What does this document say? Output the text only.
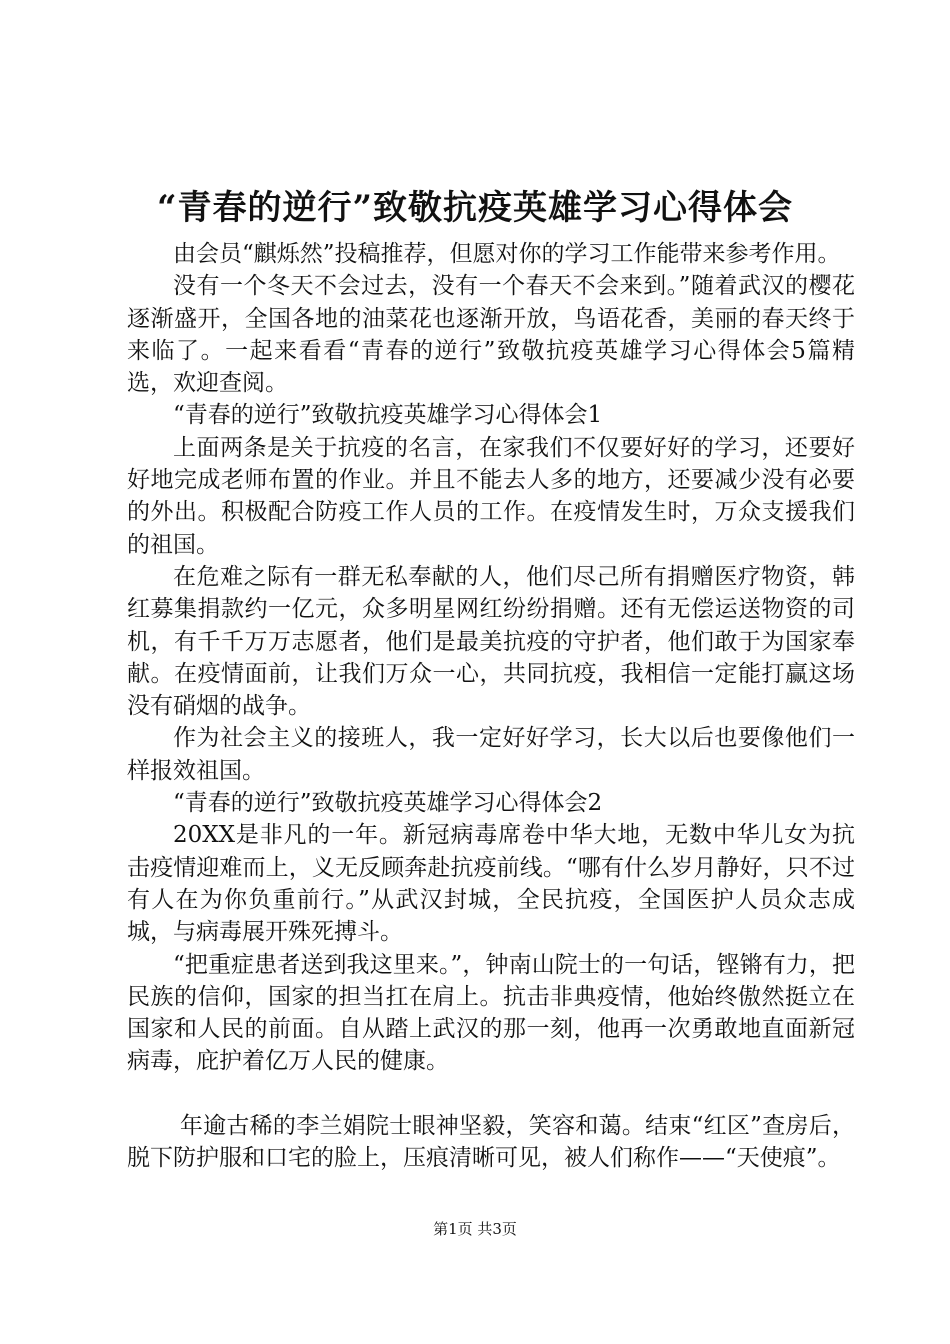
“青春的逆行”致敬抗疫英雄学习心得体会

由会员“麒烁然”投稿推荐，但愿对你的学习工作能带来参考作用。

没有一个冬天不会过去，没有一个春天不会来到。”随着武汉的樱花逐渐盛开，全国各地的油菜花也逐渐开放，鸟语花香，美丽的春天终于来临了。一起来看看“青春的逆行”致敬抗疫英雄学习心得体会5篇精选，欢迎查阅。

“青春的逆行”致敬抗疫英雄学习心得体会1

上面两条是关于抗疫的名言，在家我们不仅要好好的学习，还要好好地完成老师布置的作业。并且不能去人多的地方，还要减少没有必要的外出。积极配合防疫工作人员的工作。在疫情发生时，万众支援我们的祖国。

在危难之际有一群无私奉献的人，他们尽己所有捐赠医疗物资，韩红募集捐款约一亿元，众多明星网红纷纷捐赠。还有无偿运送物资的司机，有千千万万志愿者，他们是最美抗疫的守护者，他们敢于为国家奉献。在疫情面前，让我们万众一心，共同抗疫，我相信一定能打赢这场没有硝烟的战争。

作为社会主义的接班人，我一定好好学习，长大以后也要像他们一样报效祖国。

“青春的逆行”致敬抗疫英雄学习心得体会2

20XX是非凡的一年。新冠病毒席卷中华大地，无数中华儿女为抗击疫情迎难而上，义无反顾奔赴抗疫前线。“哪有什么岁月静好，只不过有人在为你负重前行。”从武汉封城，全民抗疫，全国医护人员众志成城，与病毒展开殊死搏斗。

“把重症患者送到我这里来。”，钟南山院士的一句话，铿锵有力，把民族的信仰，国家的担当扛在肩上。抗击非典疫情，他始终傲然挺立在国家和人民的前面。自从踏上武汉的那一刻，他再一次勇敢地直面新冠病毒，庇护着亿万人民的健康。

年逾古稀的李兰娟院士眼神坚毅，笑容和蔼。结束“红区”查房后，脱下防护服和口宅的脸上，压痕清晰可见，被人们称作——“天使痕”。

第1页 共3页
